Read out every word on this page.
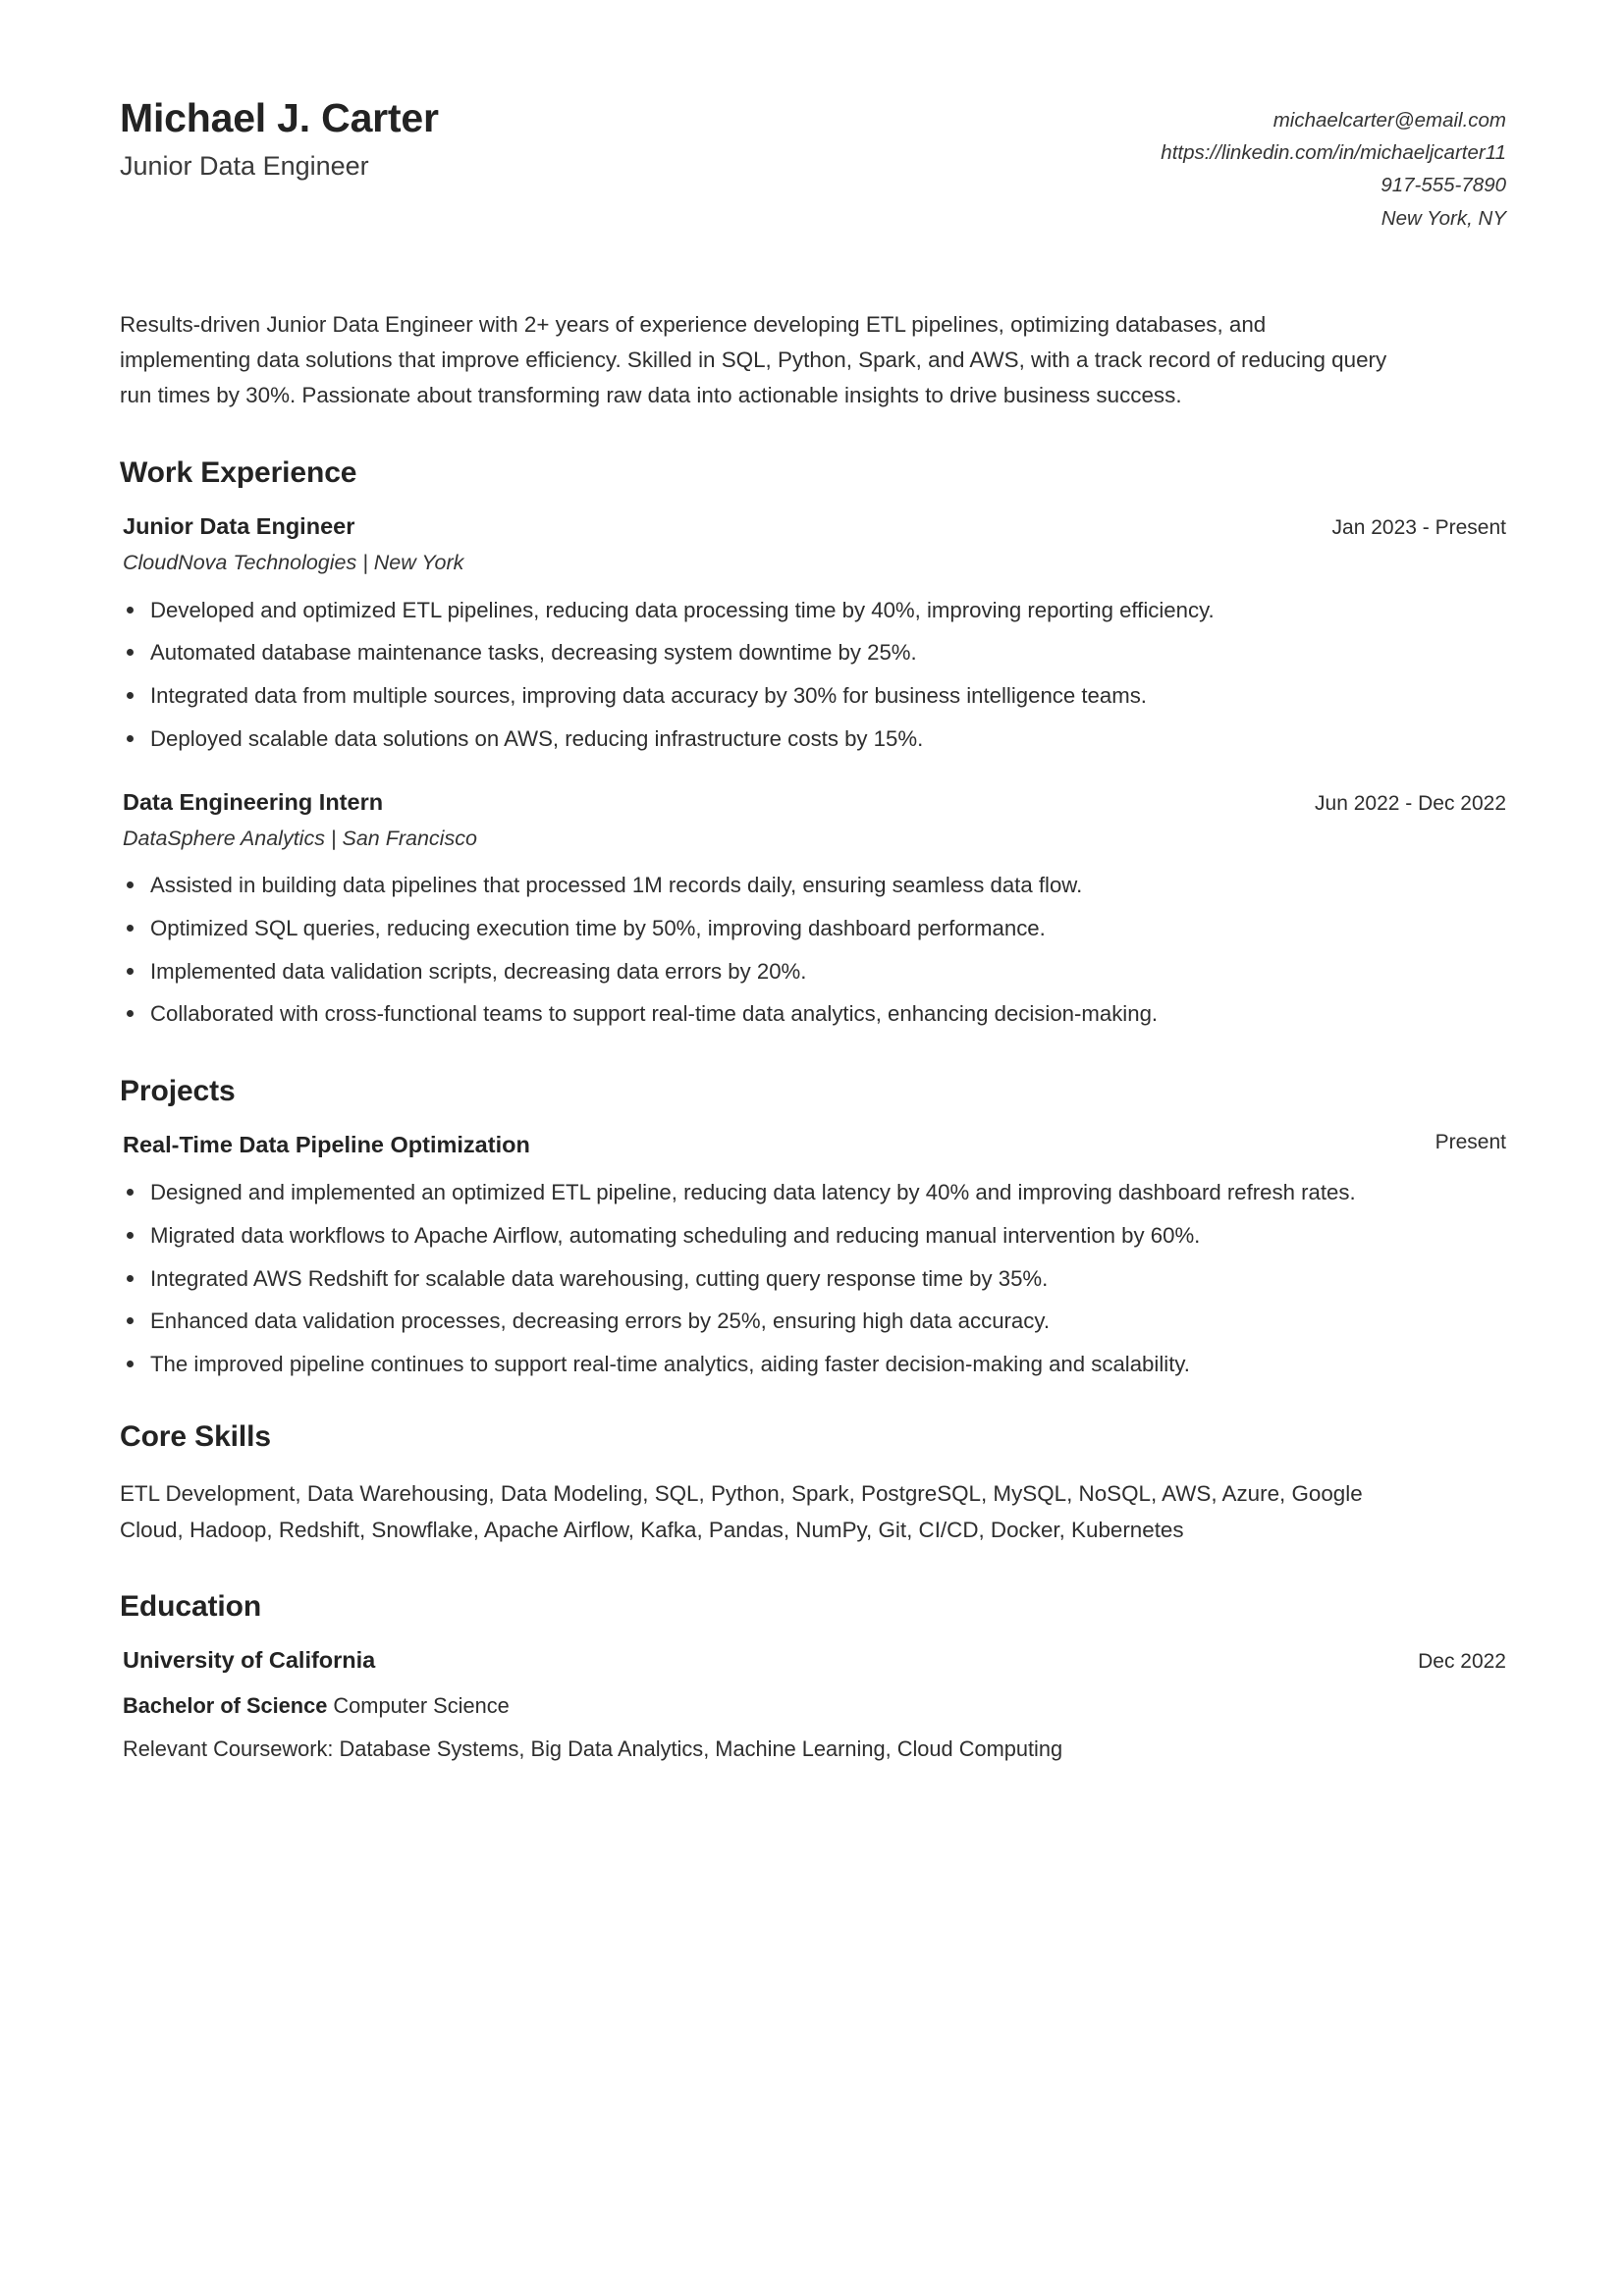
Michael J. Carter
Junior Data Engineer
michaelcarter@email.com
https://linkedin.com/in/michaeljcarter11
917-555-7890
New York, NY
Results-driven Junior Data Engineer with 2+ years of experience developing ETL pipelines, optimizing databases, and implementing data solutions that improve efficiency. Skilled in SQL, Python, Spark, and AWS, with a track record of reducing query run times by 30%. Passionate about transforming raw data into actionable insights to drive business success.
Work Experience
Junior Data Engineer	Jan 2023 - Present
CloudNova Technologies | New York
Developed and optimized ETL pipelines, reducing data processing time by 40%, improving reporting efficiency.
Automated database maintenance tasks, decreasing system downtime by 25%.
Integrated data from multiple sources, improving data accuracy by 30% for business intelligence teams.
Deployed scalable data solutions on AWS, reducing infrastructure costs by 15%.
Data Engineering Intern	Jun 2022 - Dec 2022
DataSphere Analytics | San Francisco
Assisted in building data pipelines that processed 1M records daily, ensuring seamless data flow.
Optimized SQL queries, reducing execution time by 50%, improving dashboard performance.
Implemented data validation scripts, decreasing data errors by 20%.
Collaborated with cross-functional teams to support real-time data analytics, enhancing decision-making.
Projects
Real-Time Data Pipeline Optimization	Present
Designed and implemented an optimized ETL pipeline, reducing data latency by 40% and improving dashboard refresh rates.
Migrated data workflows to Apache Airflow, automating scheduling and reducing manual intervention by 60%.
Integrated AWS Redshift for scalable data warehousing, cutting query response time by 35%.
Enhanced data validation processes, decreasing errors by 25%, ensuring high data accuracy.
The improved pipeline continues to support real-time analytics, aiding faster decision-making and scalability.
Core Skills
ETL Development, Data Warehousing, Data Modeling, SQL, Python, Spark, PostgreSQL, MySQL, NoSQL, AWS, Azure, Google Cloud, Hadoop, Redshift, Snowflake, Apache Airflow, Kafka, Pandas, NumPy, Git, CI/CD, Docker, Kubernetes
Education
University of California	Dec 2022
Bachelor of Science Computer Science
Relevant Coursework: Database Systems, Big Data Analytics, Machine Learning, Cloud Computing
